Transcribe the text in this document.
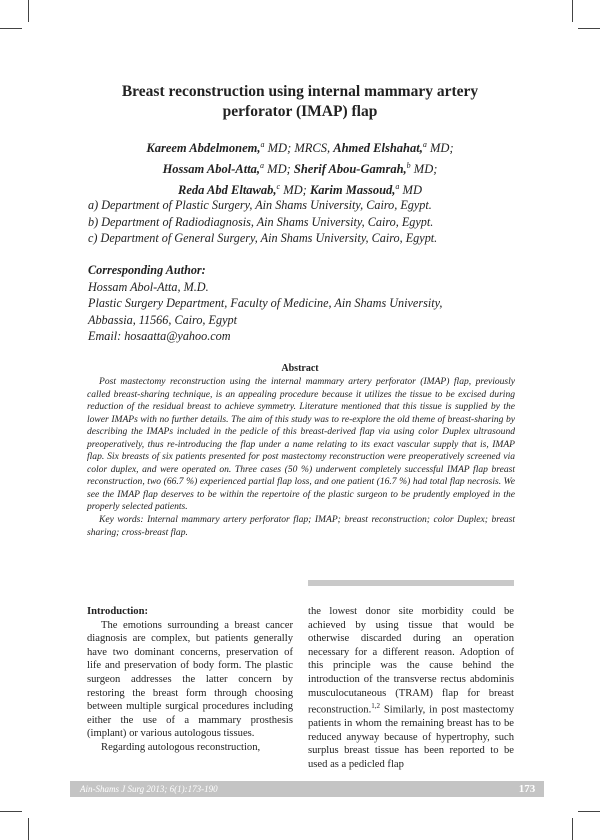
Breast reconstruction using internal mammary artery
perforator (IMAP) flap
Kareem Abdelmonem,$^a$ MD; MRCS, Ahmed Elshahat,$^a$ MD;
Hossam Abol-Atta,$^a$ MD; Sherif Abou-Gamrah,$^b$ MD;
Reda Abd Eltawab,$^c$ MD; Karim Massoud,$^a$ MD
a) Department of Plastic Surgery, Ain Shams University, Cairo, Egypt.
b) Department of Radiodiagnosis, Ain Shams University, Cairo, Egypt.
c) Department of General Surgery, Ain Shams University, Cairo, Egypt.
Corresponding Author:
Hossam Abol-Atta, M.D.
Plastic Surgery Department, Faculty of Medicine, Ain Shams University,
Abbassia, 11566, Cairo, Egypt
Email: hosaatta@yahoo.com
Abstract

Post mastectomy reconstruction using the internal mammary artery perforator (IMAP) flap, previously called breast-sharing technique, is an appealing procedure because it utilizes the tissue to be excised during reduction of the residual breast to achieve symmetry. Literature mentioned that this tissue is supplied by the lower IMAPs with no further details. The aim of this study was to re-explore the old theme of breast-sharing by describing the IMAPs included in the pedicle of this breast-derived flap via using color Duplex ultrasound preoperatively, thus re-introducing the flap under a name relating to its exact vascular supply that is, IMAP flap. Six breasts of six patients presented for post mastectomy reconstruction were preoperatively screened via color duplex, and were operated on. Three cases (50 %) underwent completely successful IMAP flap breast reconstruction, two (66.7 %) experienced partial flap loss, and one patient (16.7 %) had total flap necrosis. We see the IMAP flap deserves to be within the repertoire of the plastic surgeon to be prudently employed in the properly selected patients.

Key words: Internal mammary artery perforator flap; IMAP; breast reconstruction; color Duplex; breast sharing; cross-breast flap.

Introduction:

The emotions surrounding a breast cancer diagnosis are complex, but patients generally have two dominant concerns, preservation of life and preservation of body form. The plastic surgeon addresses the latter concern by restoring the breast form through choosing between multiple surgical procedures including either the use of a mammary prosthesis (implant) or various autologous tissues.

Regarding autologous reconstruction,

the lowest donor site morbidity could be achieved by using tissue that would be otherwise discarded during an operation necessary for a different reason. Adoption of this principle was the cause behind the introduction of the transverse rectus abdominis musculocutaneous (TRAM) flap for breast reconstruction.$^{1,2}$ Similarly, in post mastectomy patients in whom the remaining breast has to be reduced anyway because of hypertrophy, such surplus breast tissue has been reported to be used as a pedicled flap

Ain-Shams J Surg 2013; 6(1):173-190	173
